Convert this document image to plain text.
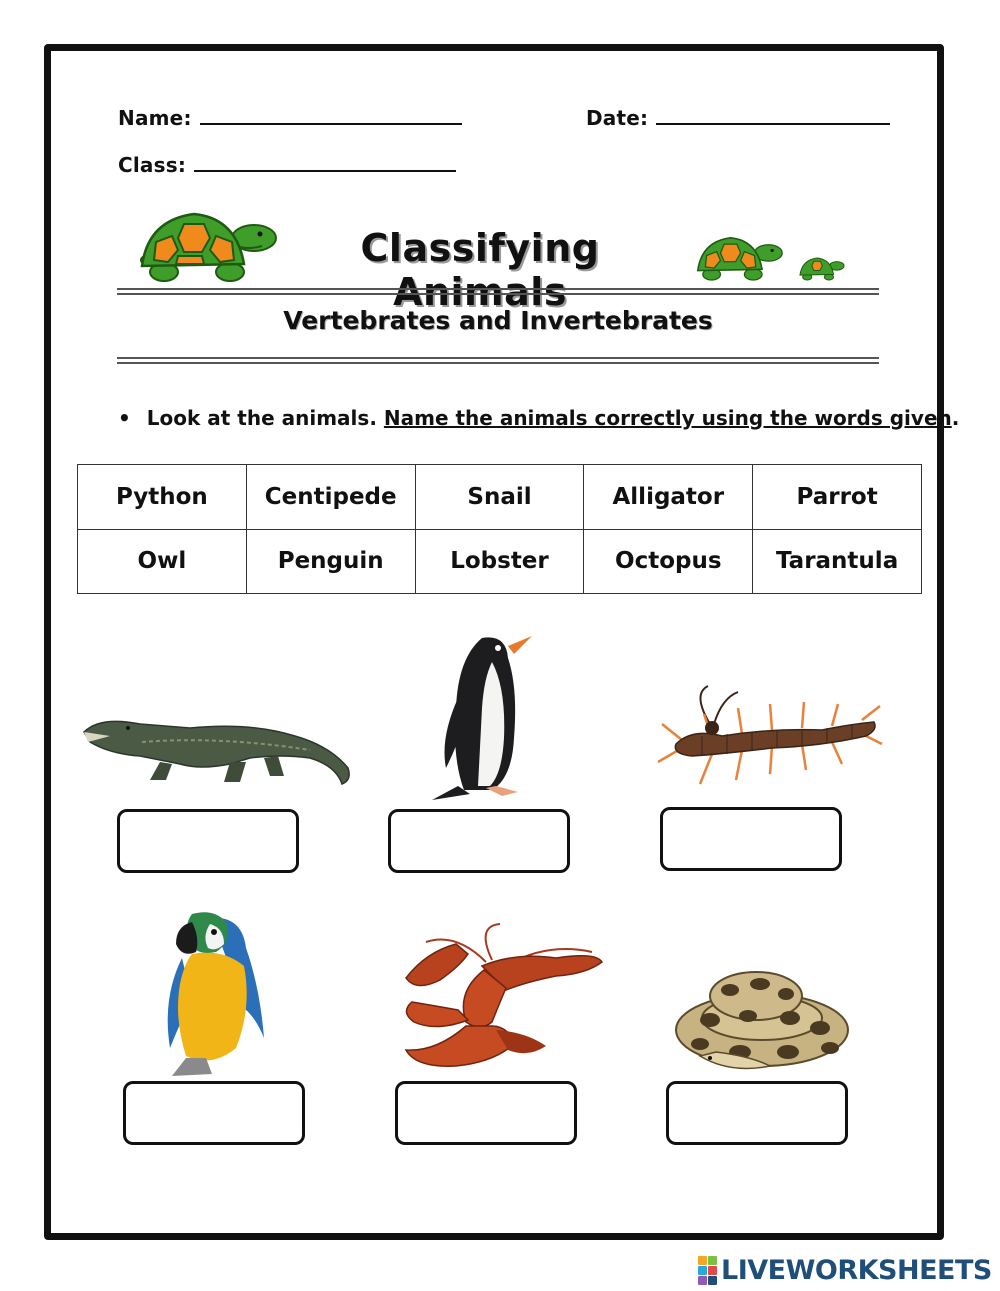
Name:	Date:
Class:
Classifying Animals
Vertebrates and Invertebrates
• Look at the animals. Name the animals correctly using the words given.
Python	Centipede	Snail	Alligator	Parrot
Owl	Penguin	Lobster	Octopus	Tarantula
LIVEWORKSHEETS
